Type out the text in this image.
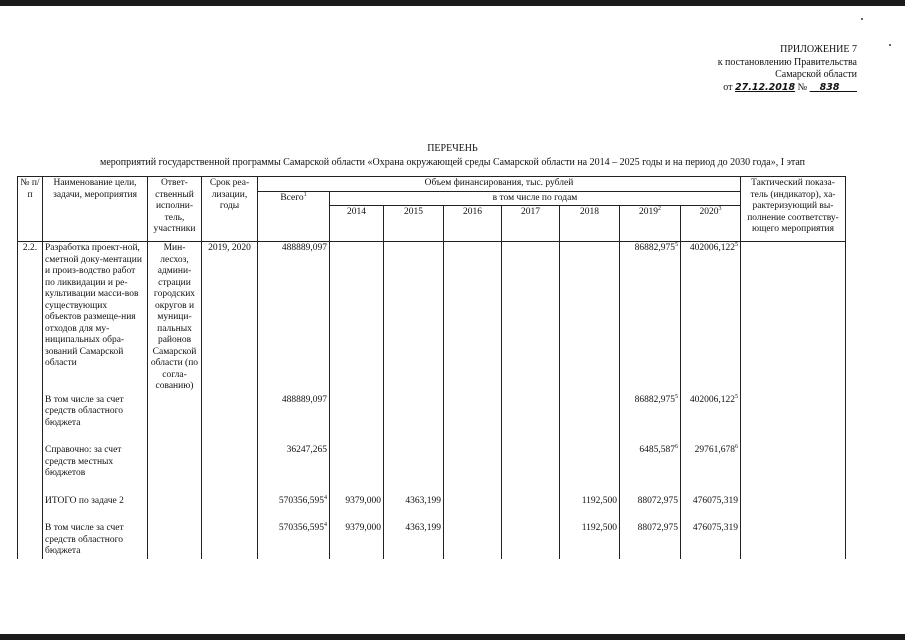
ПРИЛОЖЕНИЕ 7
к постановлению Правительства
Самарской области
от 27.12.2018 № 838
ПЕРЕЧЕНЬ
мероприятий государственной программы Самарской области «Охрана окружающей среды Самарской области на 2014 – 2025 годы и на период до 2030 года», I этап
№ п/п	Наименование цели, задачи, мероприятия	Ответ-ственный исполни-тель, участники	Срок реа-лизации, годы	Объем финансирования, тыс. рублей								Тактический показа-тель (индикатор), ха-рактеризующий вы-полнение соответству-ющего мероприятия
				Всего$^1$	в том числе по годам							
					2014	2015	2016	2017	2018	2019$^2$	2020$^3$
2.2.	Разработка проект-ной, сметной доку-ментации и произ-водство работ по ликвидации и ре-культивации масси-вов существующих объектов размеще-ния отходов для му-ниципальных обра-зований Самарской области	Мин-лесхоз, админи-страции городских округов и муници-пальных районов Самарской области (по согла-сованию)	2019, 2020	488889,097						86882,975$^5$	402006,122$^5$	
	В том числе за счет средств областного бюджета			488889,097						86882,975$^5$	402006,122$^5$	

	Справочно: за счет средств местных бюджетов			36247,265						6485,587$^6$	29761,678$^6$	

	ИТОГО по задаче 2			570356,595$^4$	9379,000	4363,199			1192,500	88072,975	476075,319	

	В том числе за счет средств областного бюджета			570356,595$^4$	9379,000	4363,199			1192,500	88072,975	476075,319	
